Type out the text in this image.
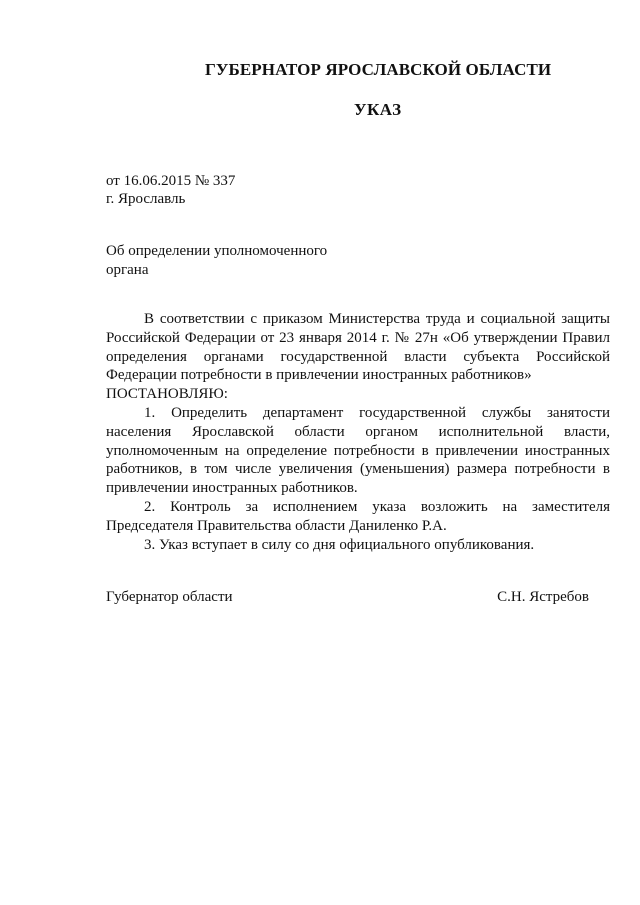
ГУБЕРНАТОР ЯРОСЛАВСКОЙ ОБЛАСТИ
УКАЗ

от 16.06.2015 № 337

г. Ярославль

Об определении уполномоченного
органа

В соответствии с приказом Министерства труда и социальной защиты Российской Федерации от 23 января 2014 г. № 27н «Об утверждении Правил определения органами государственной власти субъекта Российской Федерации потребности в привлечении иностранных работников»

ПОСТАНОВЛЯЮ:

1. Определить департамент государственной службы занятости населения Ярославской области органом исполнительной власти, уполномоченным на определение потребности в привлечении иностранных работников, в том числе увеличения (уменьшения) размера потребности в привлечении иностранных работников.

2. Контроль за исполнением указа возложить на заместителя Председателя Правительства области Даниленко Р.А.

3. Указ вступает в силу со дня официального опубликования.

Губернатор области	С.Н. Ястребов
